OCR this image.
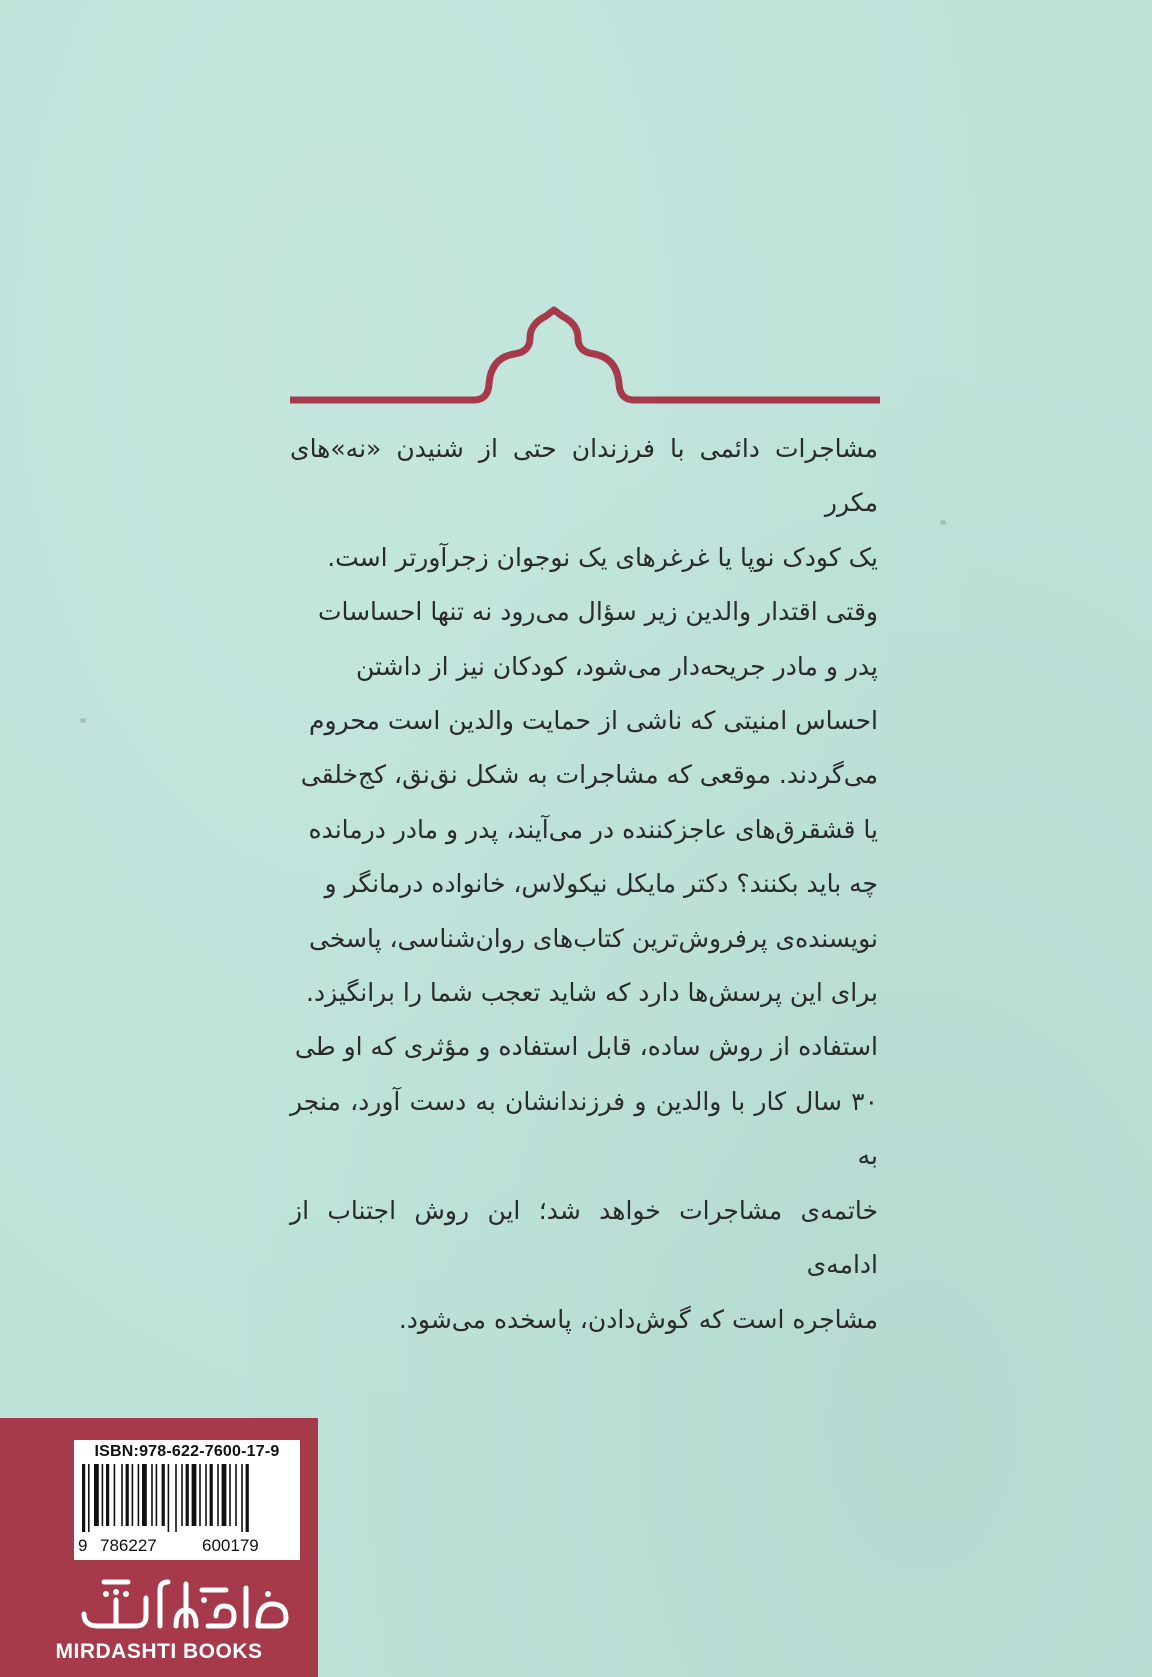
مشاجرات دائمی با فرزندان حتی از شنیدن «نه»های مکرر
یک کودک نوپا یا غرغرهای یک نوجوان زجرآورتر است.
وقتی اقتدار والدین زیر سؤال می‌رود نه تنها احساسات
پدر و مادر جریحه‌دار می‌شود، کودکان نیز از داشتن
احساس امنیتی که ناشی از حمایت والدین است محروم
می‌گردند. موقعی که مشاجرات به شکل نق‌نق، کج‌خلقی
یا قشقرق‌های عاجزکننده در می‌آیند، پدر و مادر درمانده
چه باید بکنند؟ دکتر مایکل نیکولاس، خانواده درمانگر و
نویسنده‌ی پرفروش‌ترین کتاب‌های روان‌شناسی، پاسخی
برای این پرسش‌ها دارد که شاید تعجب شما را برانگیزد.
استفاده از روش ساده، قابل استفاده و مؤثری که او طی
۳۰ سال کار با والدین و فرزندانشان به دست آورد، منجر به
خاتمه‌ی مشاجرات خواهد شد؛ این روش اجتناب از ادامه‌ی
مشاجره است که گوش‌دادن، پاسخده می‌شود.
ISBN:978-622-7600-17-9
9 786227	600179
MIRDASHTI BOOKS
